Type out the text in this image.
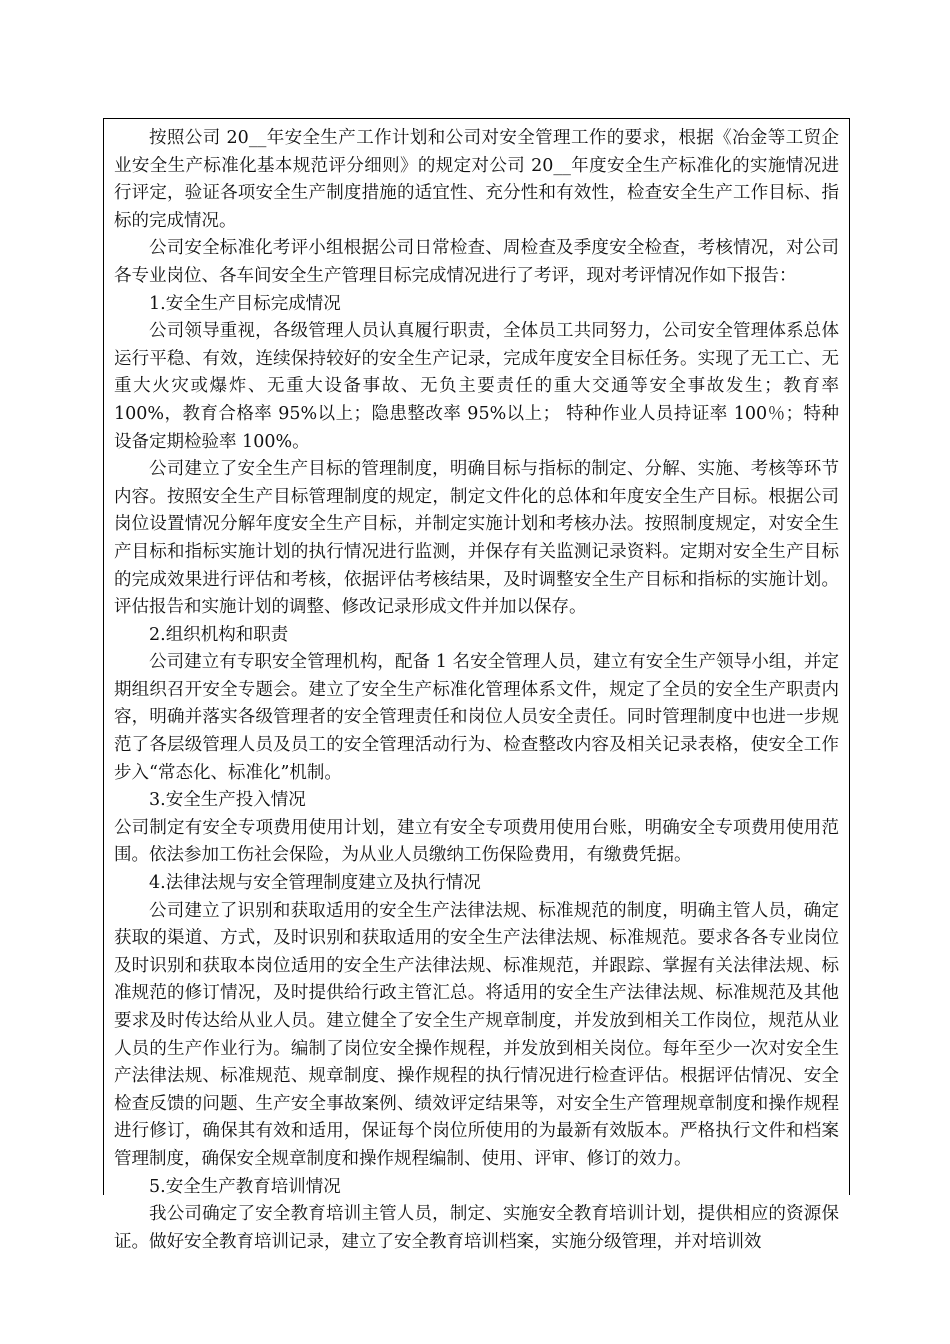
按照公司 20__年安全生产工作计划和公司对安全管理工作的要求，根据《冶金等工贸企业安全生产标准化基本规范评分细则》的规定对公司 20__年度安全生产标准化的实施情况进行评定，验证各项安全生产制度措施的适宜性、充分性和有效性，检查安全生产工作目标、指标的完成情况。

公司安全标准化考评小组根据公司日常检查、周检查及季度安全检查，考核情况，对公司各专业岗位、各车间安全生产管理目标完成情况进行了考评，现对考评情况作如下报告：

1.安全生产目标完成情况

公司领导重视，各级管理人员认真履行职责，全体员工共同努力，公司安全管理体系总体运行平稳、有效，连续保持较好的安全生产记录，完成年度安全目标任务。实现了无工亡、无重大火灾或爆炸、无重大设备事故、无负主要责任的重大交通等安全事故发生；教育率 100%，教育合格率 95%以上；隐患整改率 95%以上； 特种作业人员持证率 100％；特种设备定期检验率 100%。

公司建立了安全生产目标的管理制度，明确目标与指标的制定、分解、实施、考核等环节内容。按照安全生产目标管理制度的规定，制定文件化的总体和年度安全生产目标。根据公司岗位设置情况分解年度安全生产目标，并制定实施计划和考核办法。按照制度规定，对安全生产目标和指标实施计划的执行情况进行监测，并保存有关监测记录资料。定期对安全生产目标的完成效果进行评估和考核，依据评估考核结果，及时调整安全生产目标和指标的实施计划。评估报告和实施计划的调整、修改记录形成文件并加以保存。

2.组织机构和职责

公司建立有专职安全管理机构，配备 1 名安全管理人员，建立有安全生产领导小组，并定期组织召开安全专题会。建立了安全生产标准化管理体系文件，规定了全员的安全生产职责内容，明确并落实各级管理者的安全管理责任和岗位人员安全责任。同时管理制度中也进一步规范了各层级管理人员及员工的安全管理活动行为、检查整改内容及相关记录表格，使安全工作步入“常态化、标准化”机制。

3.安全生产投入情况

公司制定有安全专项费用使用计划，建立有安全专项费用使用台账，明确安全专项费用使用范围。依法参加工伤社会保险，为从业人员缴纳工伤保险费用，有缴费凭据。

4.法律法规与安全管理制度建立及执行情况

公司建立了识别和获取适用的安全生产法律法规、标准规范的制度，明确主管人员，确定获取的渠道、方式，及时识别和获取适用的安全生产法律法规、标准规范。要求各各专业岗位及时识别和获取本岗位适用的安全生产法律法规、标准规范，并跟踪、掌握有关法律法规、标准规范的修订情况，及时提供给行政主管汇总。将适用的安全生产法律法规、标准规范及其他要求及时传达给从业人员。建立健全了安全生产规章制度，并发放到相关工作岗位，规范从业人员的生产作业行为。编制了岗位安全操作规程，并发放到相关岗位。每年至少一次对安全生产法律法规、标准规范、规章制度、操作规程的执行情况进行检查评估。根据评估情况、安全检查反馈的问题、生产安全事故案例、绩效评定结果等，对安全生产管理规章制度和操作规程进行修订，确保其有效和适用，保证每个岗位所使用的为最新有效版本。严格执行文件和档案管理制度，确保安全规章制度和操作规程编制、使用、评审、修订的效力。

5.安全生产教育培训情况

我公司确定了安全教育培训主管人员，制定、实施安全教育培训计划，提供相应的资源保证。做好安全教育培训记录，建立了安全教育培训档案，实施分级管理，并对培训效
